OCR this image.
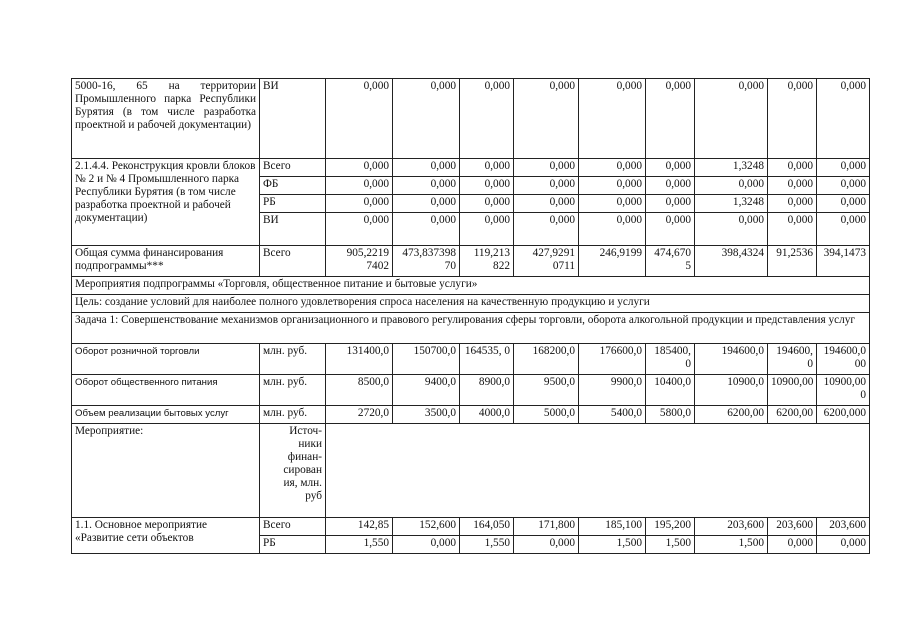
5000-16, 65 на территории Промышленного парка Республики Бурятия (в том числе разработка проектной и рабочей документации)	ВИ	0,000	0,000	0,000	0,000	0,000	0,000	0,000	0,000	0,000
2.1.4.4. Реконструкция кровли блоков № 2 и № 4 Промышленного парка Республики Бурятия (в том числе разработка проектной и рабочей документации)	Всего	0,000	0,000	0,000	0,000	0,000	0,000	1,3248	0,000	0,000
	ФБ	0,000	0,000	0,000	0,000	0,000	0,000	0,000	0,000	0,000
	РБ	0,000	0,000	0,000	0,000	0,000	0,000	1,3248	0,000	0,000
	ВИ	0,000	0,000	0,000	0,000	0,000	0,000	0,000	0,000	0,000
Общая сумма финансирования подпрограммы***	Всего	905,2219 7402	473,837398 70	119,213 822	427,9291 0711	246,9199	474,670 5	398,4324	91,2536	394,1473
Мероприятия подпрограммы «Торговля, общественное питание и бытовые услуги»										
Цель: создание условий для наиболее полного удовлетворения спроса населения на качественную продукцию и услуги										
Задача 1: Совершенствование механизмов организационного и правового регулирования сферы торговли, оборота алкогольной продукции и представления услуг										
Оборот розничной торговли	млн. руб.	131400,0	150700,0	164535, 0	168200,0	176600,0	185400, 0	194600,0	194600, 0	194600,0 00
Оборот общественного питания	млн. руб.	8500,0	9400,0	8900,0	9500,0	9900,0	10400,0	10900,0	10900,00	10900,00 0
Объем реализации бытовых услуг	млн. руб.	2720,0	3500,0	4000,0	5000,0	5400,0	5800,0	6200,00	6200,00	6200,000
Мероприятие:	Источ- ники финан- сирован ия, млн. руб									
1.1. Основное мероприятие «Развитие сети объектов	Всего	142,85	152,600	164,050	171,800	185,100	195,200	203,600	203,600	203,600
	РБ	1,550	0,000	1,550	0,000	1,500	1,500	1,500	0,000	0,000
